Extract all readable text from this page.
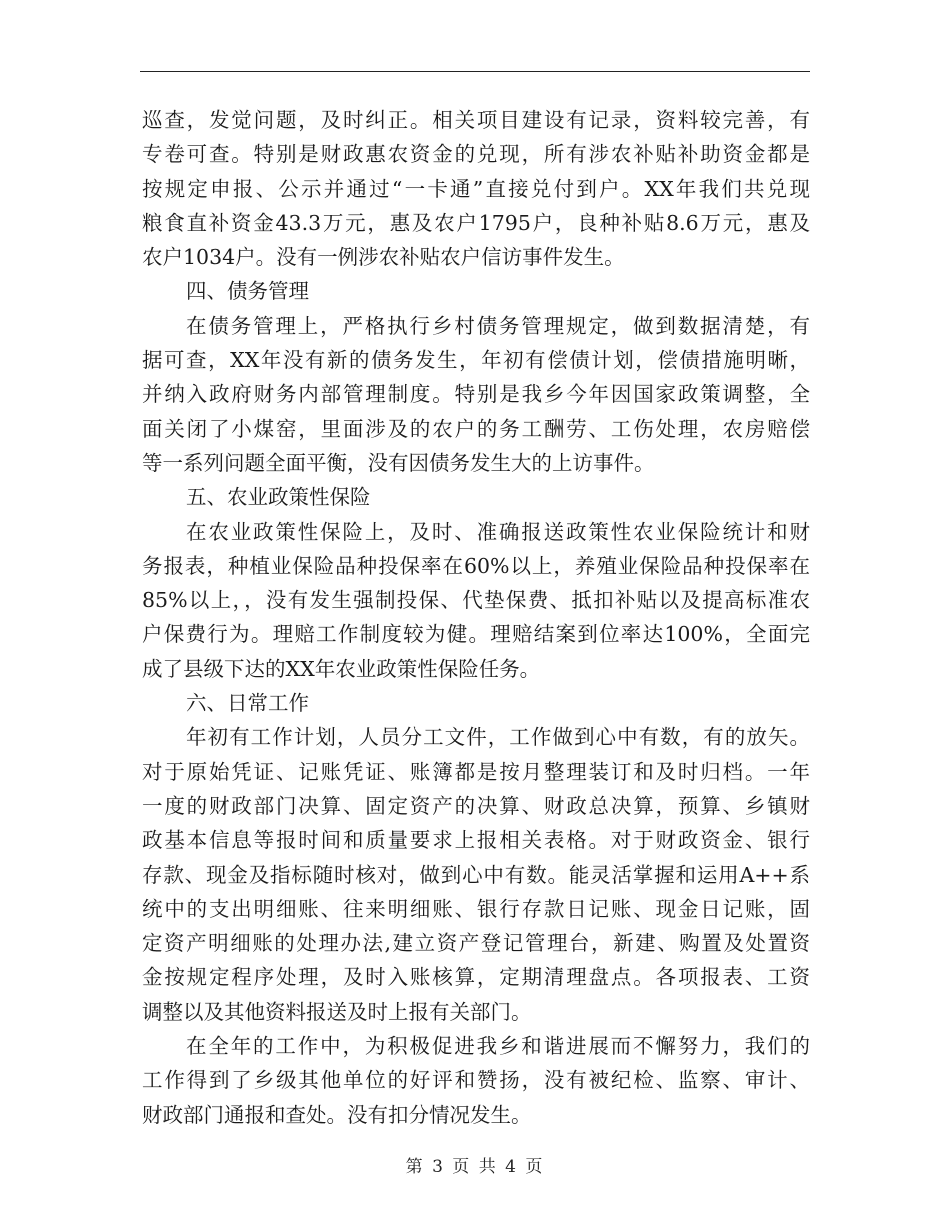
巡查，发觉问题，及时纠正。相关项目建设有记录，资料较完善，有
专卷可查。特别是财政惠农资金的兑现，所有涉农补贴补助资金都是
按规定申报、公示并通过“一卡通”直接兑付到户。XX年我们共兑现
粮食直补资金43.3万元，惠及农户1795户，良种补贴8.6万元，惠及
农户1034户。没有一例涉农补贴农户信访事件发生。
四、债务管理
在债务管理上，严格执行乡村债务管理规定，做到数据清楚，有
据可查，XX年没有新的债务发生，年初有偿债计划，偿债措施明晰，
并纳入政府财务内部管理制度。特别是我乡今年因国家政策调整，全
面关闭了小煤窑，里面涉及的农户的务工酬劳、工伤处理，农房赔偿
等一系列问题全面平衡，没有因债务发生大的上访事件。
五、农业政策性保险
在农业政策性保险上，及时、准确报送政策性农业保险统计和财
务报表，种植业保险品种投保率在60%以上，养殖业保险品种投保率在
85%以上，，没有发生强制投保、代垫保费、抵扣补贴以及提高标准农
户保费行为。理赔工作制度较为健。理赔结案到位率达100%，全面完
成了县级下达的XX年农业政策性保险任务。
六、日常工作
年初有工作计划，人员分工文件，工作做到心中有数，有的放矢。
对于原始凭证、记账凭证、账簿都是按月整理装订和及时归档。一年
一度的财政部门决算、固定资产的决算、财政总决算，预算、乡镇财
政基本信息等报时间和质量要求上报相关表格。对于财政资金、银行
存款、现金及指标随时核对，做到心中有数。能灵活掌握和运用A++系
统中的支出明细账、往来明细账、银行存款日记账、现金日记账，固
定资产明细账的处理办法,建立资产登记管理台，新建、购置及处置资
金按规定程序处理，及时入账核算，定期清理盘点。各项报表、工资
调整以及其他资料报送及时上报有关部门。
在全年的工作中，为积极促进我乡和谐进展而不懈努力，我们的
工作得到了乡级其他单位的好评和赞扬，没有被纪检、监察、审计、
财政部门通报和查处。没有扣分情况发生。
第 3 页 共 4 页
